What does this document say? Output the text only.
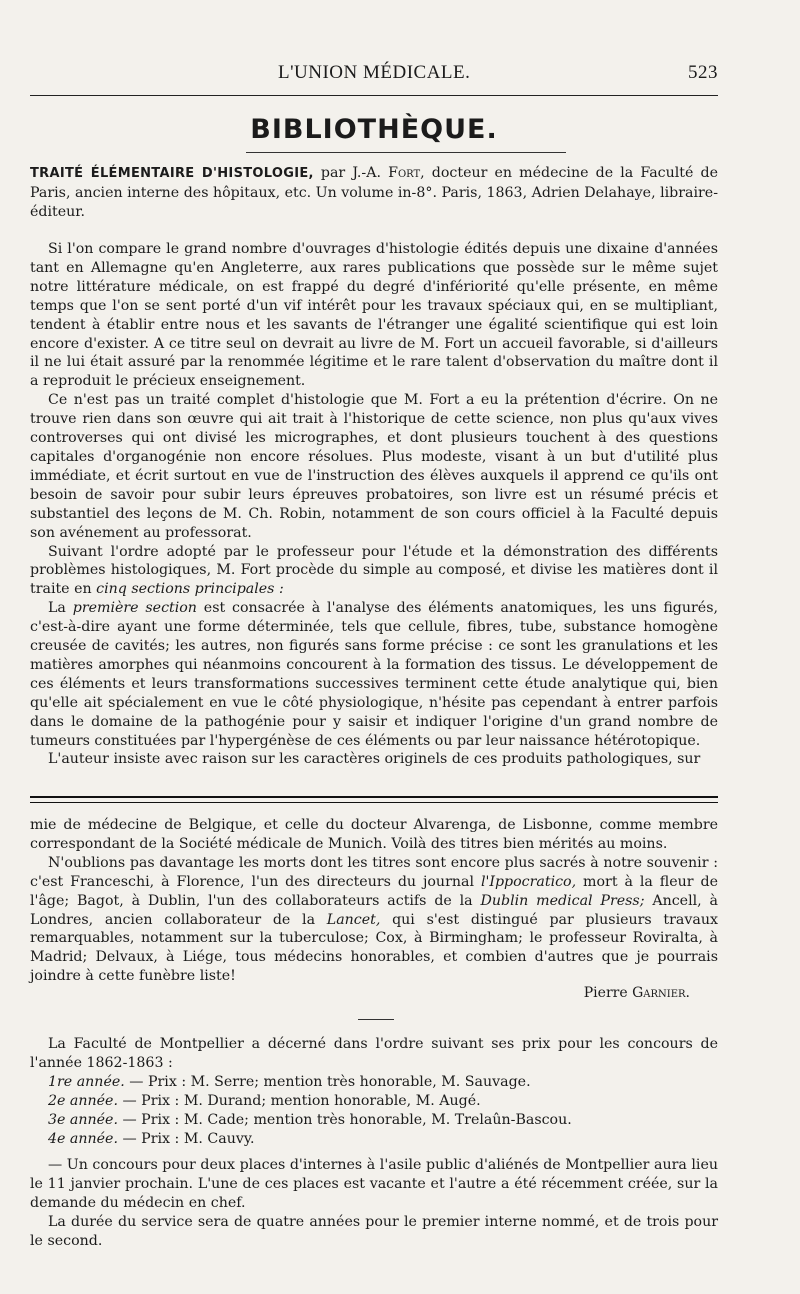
L'UNION MÉDICALE.	523
BIBLIOTHÈQUE.

TRAITÉ ÉLÉMENTAIRE D'HISTOLOGIE, par J.-A. Fort, docteur en médecine de la Faculté de Paris, ancien interne des hôpitaux, etc. Un volume in-8°. Paris, 1863, Adrien Delahaye, libraire-éditeur.

Si l'on compare le grand nombre d'ouvrages d'histologie édités depuis une dixaine d'années tant en Allemagne qu'en Angleterre, aux rares publications que possède sur le même sujet notre littérature médicale, on est frappé du degré d'infériorité qu'elle présente, en même temps que l'on se sent porté d'un vif intérêt pour les travaux spéciaux qui, en se multipliant, tendent à établir entre nous et les savants de l'étranger une égalité scientifique qui est loin encore d'exister. A ce titre seul on devrait au livre de M. Fort un accueil favorable, si d'ailleurs il ne lui était assuré par la renommée légitime et le rare talent d'observation du maître dont il a reproduit le précieux enseignement.

Ce n'est pas un traité complet d'histologie que M. Fort a eu la prétention d'écrire. On ne trouve rien dans son œuvre qui ait trait à l'historique de cette science, non plus qu'aux vives controverses qui ont divisé les micrographes, et dont plusieurs touchent à des questions capitales d'organogénie non encore résolues. Plus modeste, visant à un but d'utilité plus immédiate, et écrit surtout en vue de l'instruction des élèves auxquels il apprend ce qu'ils ont besoin de savoir pour subir leurs épreuves probatoires, son livre est un résumé précis et substantiel des leçons de M. Ch. Robin, notamment de son cours officiel à la Faculté depuis son avénement au professorat.

Suivant l'ordre adopté par le professeur pour l'étude et la démonstration des différents problèmes histologiques, M. Fort procède du simple au composé, et divise les matières dont il traite en cinq sections principales :

La première section est consacrée à l'analyse des éléments anatomiques, les uns figurés, c'est-à-dire ayant une forme déterminée, tels que cellule, fibres, tube, substance homogène creusée de cavités; les autres, non figurés sans forme précise : ce sont les granulations et les matières amorphes qui néanmoins concourent à la formation des tissus. Le développement de ces éléments et leurs transformations successives terminent cette étude analytique qui, bien qu'elle ait spécialement en vue le côté physiologique, n'hésite pas cependant à entrer parfois dans le domaine de la pathogénie pour y saisir et indiquer l'origine d'un grand nombre de tumeurs constituées par l'hypergénèse de ces éléments ou par leur naissance hétérotopique.

L'auteur insiste avec raison sur les caractères originels de ces produits pathologiques, sur

mie de médecine de Belgique, et celle du docteur Alvarenga, de Lisbonne, comme membre correspondant de la Société médicale de Munich. Voilà des titres bien mérités au moins.

N'oublions pas davantage les morts dont les titres sont encore plus sacrés à notre souvenir : c'est Franceschi, à Florence, l'un des directeurs du journal l'Ippocratico, mort à la fleur de l'âge; Bagot, à Dublin, l'un des collaborateurs actifs de la Dublin medical Press; Ancell, à Londres, ancien collaborateur de la Lancet, qui s'est distingué par plusieurs travaux remarquables, notamment sur la tuberculose; Cox, à Birmingham; le professeur Roviralta, à Madrid; Delvaux, à Liége, tous médecins honorables, et combien d'autres que je pourrais joindre à cette funèbre liste!

Pierre Garnier.

La Faculté de Montpellier a décerné dans l'ordre suivant ses prix pour les concours de l'année 1862-1863 :

1re année. — Prix : M. Serre; mention très honorable, M. Sauvage.

2e année. — Prix : M. Durand; mention honorable, M. Augé.

3e année. — Prix : M. Cade; mention très honorable, M. Trelaûn-Bascou.

4e année. — Prix : M. Cauvy.

— Un concours pour deux places d'internes à l'asile public d'aliénés de Montpellier aura lieu le 11 janvier prochain. L'une de ces places est vacante et l'autre a été récemment créée, sur la demande du médecin en chef.

La durée du service sera de quatre années pour le premier interne nommé, et de trois pour le second.
